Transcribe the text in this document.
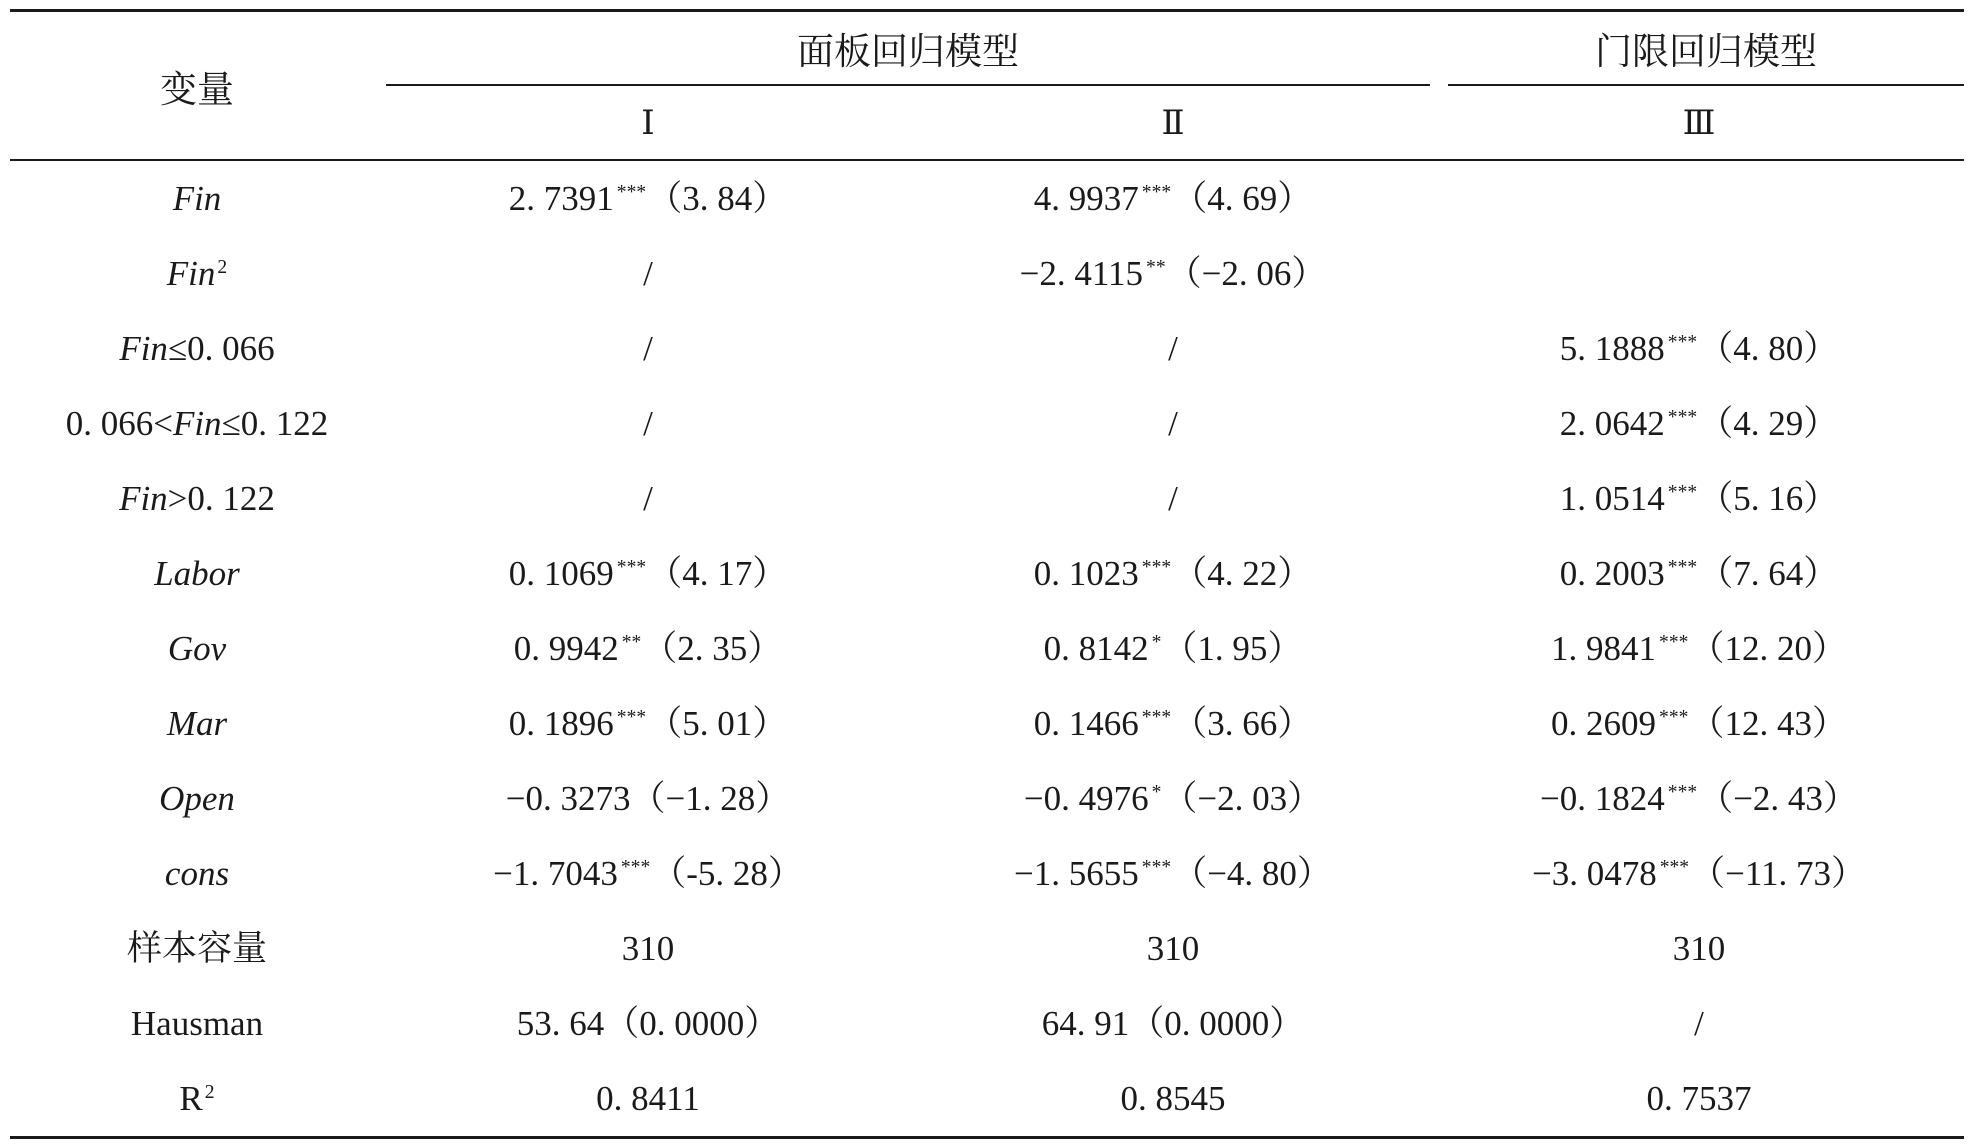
变量
面板回归模型	门限回归模型
Ⅰ	Ⅱ	Ⅲ
Fin	2. 7391 ***（3. 84）	4. 9937 ***（4. 69）
Fin $^2$	/	−2. 4115 **（−2. 06）
Fin≤0. 066	/	/	5. 1888 ***（4. 80）
0. 066<Fin≤0. 122	/	/	2. 0642 ***（4. 29）
Fin>0. 122	/	/	1. 0514 ***（5. 16）
Labor	0. 1069 ***（4. 17）	0. 1023 ***（4. 22）	0. 2003 ***（7. 64）
Gov	0. 9942 **（2. 35）	0. 8142 *（1. 95）	1. 9841 ***（12. 20）
Mar	0. 1896 ***（5. 01）	0. 1466 ***（3. 66）	0. 2609 ***（12. 43）
Open	−0. 3273（−1. 28）	−0. 4976 *（−2. 03）	−0. 1824 ***（−2. 43）
cons	−1. 7043 ***（-5. 28）	−1. 5655 ***（−4. 80）	−3. 0478 ***（−11. 73）
样本容量	310	310	310
Hausman	53. 64（0. 0000）	64. 91（0. 0000）	/
R $^2$	0. 8411	0. 8545	0. 7537
